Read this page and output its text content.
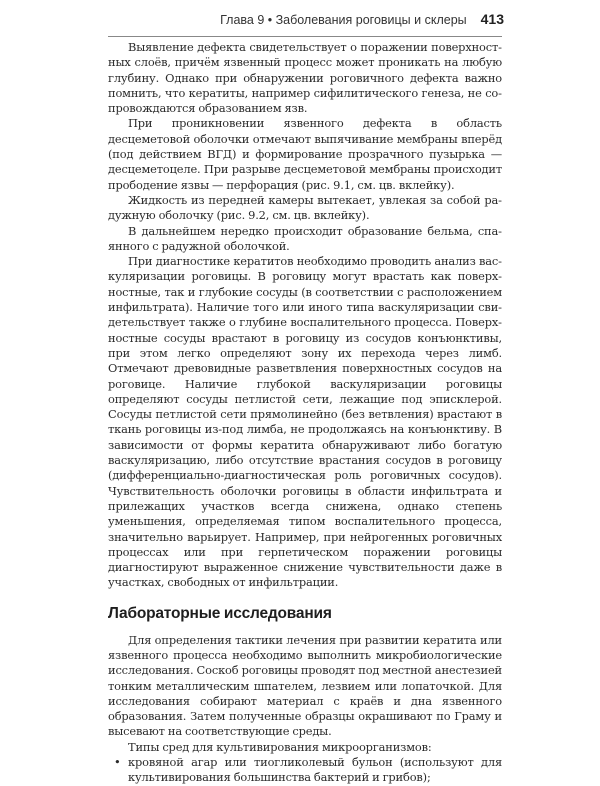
Глава 9 • Заболевания роговицы и склеры 413

Выявление дефекта свидетельствует о поражении поверхностных слоёв, причём язвенный процесс может проникать на любую глубину. Однако при обнаружении роговичного дефекта важно помнить, что кератиты, например сифилитического генеза, не сопровождаются образованием язв.

При проникновении язвенного дефекта в область десцеметовой оболочки отмечают выпячивание мембраны вперёд (под действием ВГД) и формирование прозрачного пузырька — десцеметоцеле. При разрыве десцеметовой мембраны происходит прободение язвы — перфорация (рис. 9.1, см. цв. вклейку).

Жидкость из передней камеры вытекает, увлекая за собой радужную оболочку (рис. 9.2, см. цв. вклейку).

В дальнейшем нередко происходит образование бельма, спаянного с радужной оболочкой.

При диагностике кератитов необходимо проводить анализ васкуляризации роговицы. В роговицу могут врастать как поверхностные, так и глубокие сосуды (в соответствии с расположением инфильтрата). Наличие того или иного типа васкуляризации свидетельствует также о глубине воспалительного процесса. Поверхностные сосуды врастают в роговицу из сосудов конъюнктивы, при этом легко определяют зону их перехода через лимб. Отмечают древовидные разветвления поверхностных сосудов на роговице. Наличие глубокой васкуляризации роговицы определяют сосуды петлистой сети, лежащие под эписклерой. Сосуды петлистой сети прямолинейно (без ветвления) врастают в ткань роговицы из-под лимба, не продолжаясь на конъюнктиву. В зависимости от формы кератита обнаруживают либо богатую васкуляризацию, либо отсутствие врастания сосудов в роговицу (дифференциально-диагностическая роль роговичных сосудов). Чувствительность оболочки роговицы в области инфильтрата и прилежащих участков всегда снижена, однако степень уменьшения, определяемая типом воспалительного процесса, значительно варьирует. Например, при нейрогенных роговичных процессах или при герпетическом поражении роговицы диагностируют выраженное снижение чувствительности даже в участках, свободных от инфильтрации.

Лабораторные исследования

Для определения тактики лечения при развитии кератита или язвенного процесса необходимо выполнить микробиологические исследования. Соскоб роговицы проводят под местной анестезией тонким металлическим шпателем, лезвием или лопаточкой. Для исследования собирают материал с краёв и дна язвенного образования. Затем полученные образцы окрашивают по Граму и высевают на соответствующие среды.

Типы сред для культивирования микроорганизмов:

• кровяной агар или тиогликолевый бульон (используют для культивирования большинства бактерий и грибов);
